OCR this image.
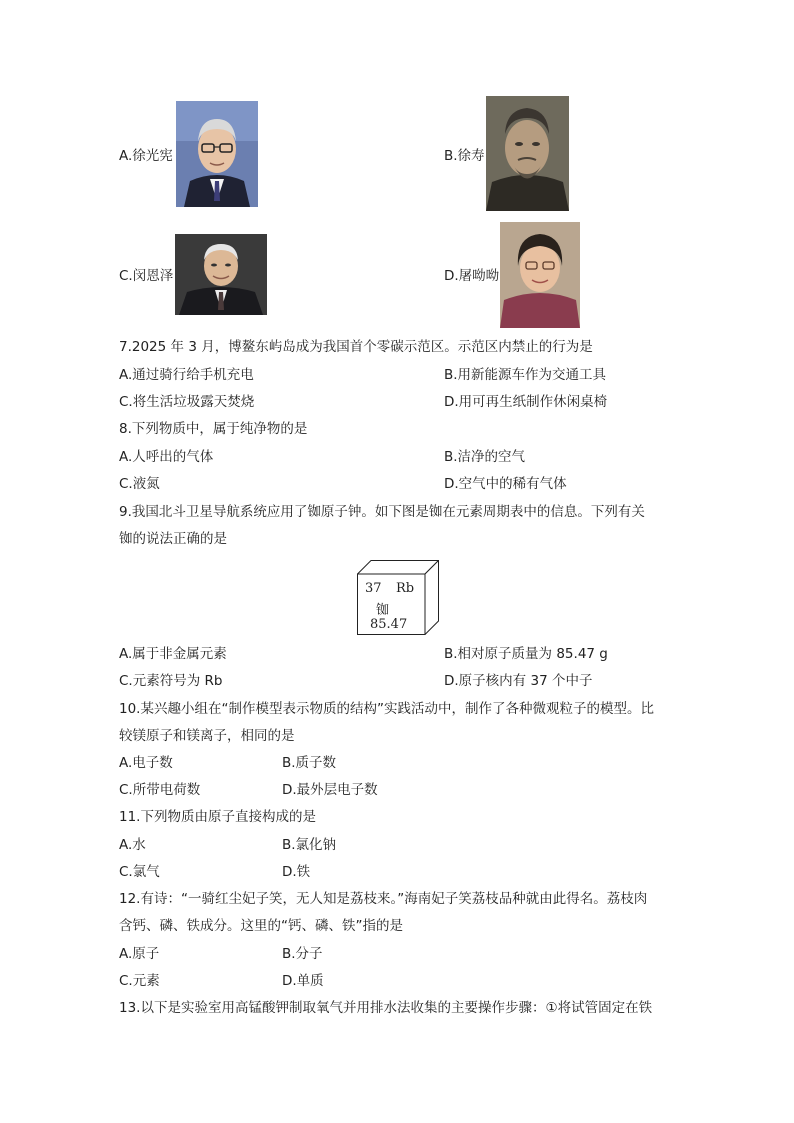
A.徐光宪	B.徐寿
C.闵恩泽	D.屠呦呦
7.2025 年 3 月，博鳌东屿岛成为我国首个零碳示范区。示范区内禁止的行为是
A.通过骑行给手机充电	B.用新能源车作为交通工具
C.将生活垃圾露天焚烧	D.用可再生纸制作休闲桌椅
8.下列物质中，属于纯净物的是
A.人呼出的气体	B.洁净的空气
C.液氮	D.空气中的稀有气体
9.我国北斗卫星导航系统应用了铷原子钟。如下图是铷在元素周期表中的信息。下列有关
铷的说法正确的是
37 Rb
铷
85.47
A.属于非金属元素	B.相对原子质量为 85.47 g
C.元素符号为 Rb	D.原子核内有 37 个中子
10.某兴趣小组在“制作模型表示物质的结构”实践活动中，制作了各种微观粒子的模型。比
较镁原子和镁离子，相同的是
A.电子数	B.质子数
C.所带电荷数	D.最外层电子数
11.下列物质由原子直接构成的是
A.水	B.氯化钠
C.氯气	D.铁
12.有诗：“一骑红尘妃子笑，无人知是荔枝来。”海南妃子笑荔枝品种就由此得名。荔枝肉
含钙、磷、铁成分。这里的“钙、磷、铁”指的是
A.原子	B.分子
C.元素	D.单质
13.以下是实验室用高锰酸钾制取氧气并用排水法收集的主要操作步骤：①将试管固定在铁
